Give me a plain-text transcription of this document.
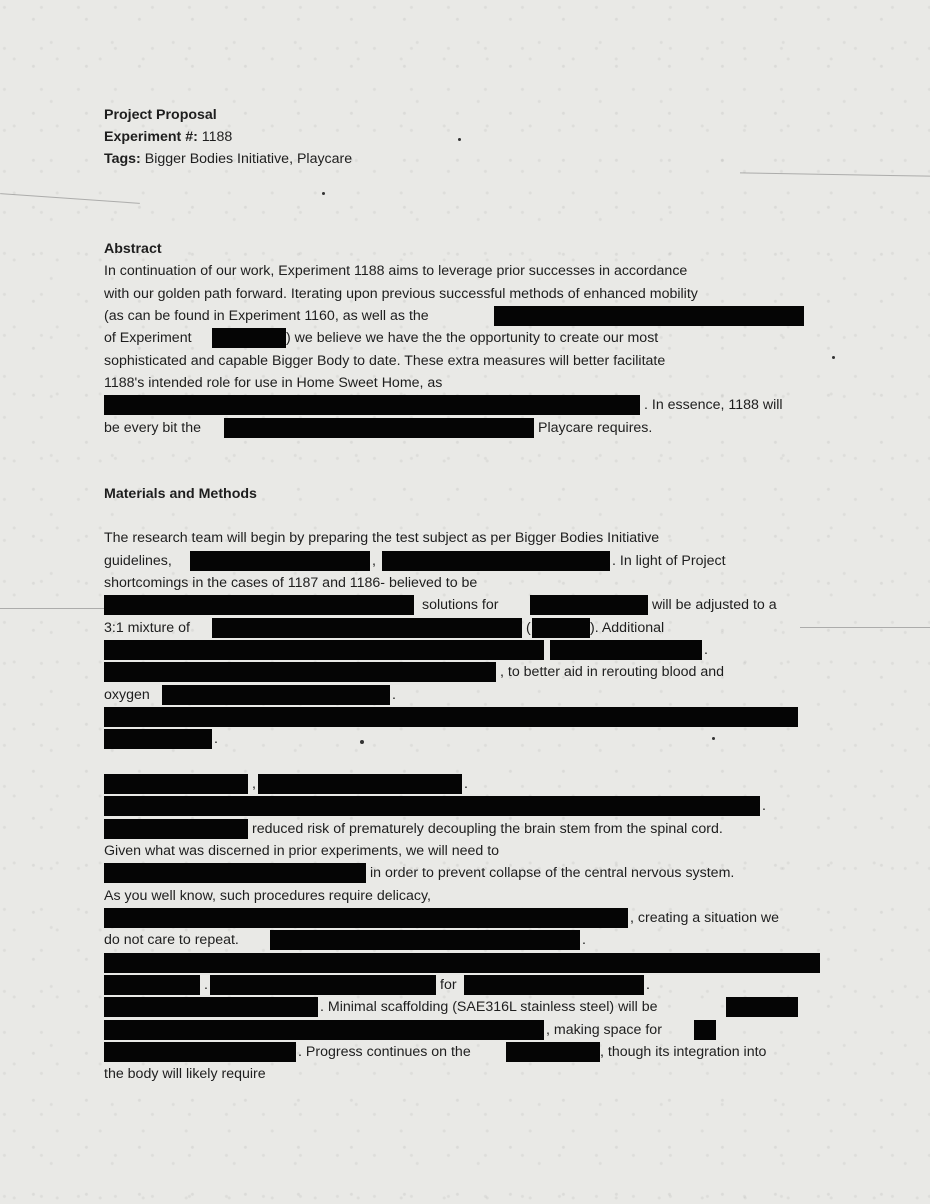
Project Proposal
Experiment #: 1188
Tags: Bigger Bodies Initiative, Playcare
Abstract
In continuation of our work, Experiment 1188 aims to leverage prior successes in accordance
with our golden path forward. Iterating upon previous successful methods of enhanced mobility
(as can be found in Experiment 1160, as well as the
of Experiment	) we believe we have the the opportunity to create our most
sophisticated and capable Bigger Body to date. These extra measures will better facilitate
1188's intended role for use in Home Sweet Home, as
. In essence, 1188 will
be every bit the	Playcare requires.
Materials and Methods
The research team will begin by preparing the test subject as per Bigger Bodies Initiative
guidelines,	,	. In light of Project
shortcomings in the cases of 1187 and 1186- believed to be
solutions for	will be adjusted to a
3:1 mixture of	(	). Additional
.
, to better aid in rerouting blood and
oxygen	.
.
,	.
.
reduced risk of prematurely decoupling the brain stem from the spinal cord.
Given what was discerned in prior experiments, we will need to
in order to prevent collapse of the central nervous system.
As you well know, such procedures require delicacy,
, creating a situation we
do not care to repeat.	.
.	for	.
. Minimal scaffolding (SAE316L stainless steel) will be
, making space for
. Progress continues on the	, though its integration into
the body will likely require
